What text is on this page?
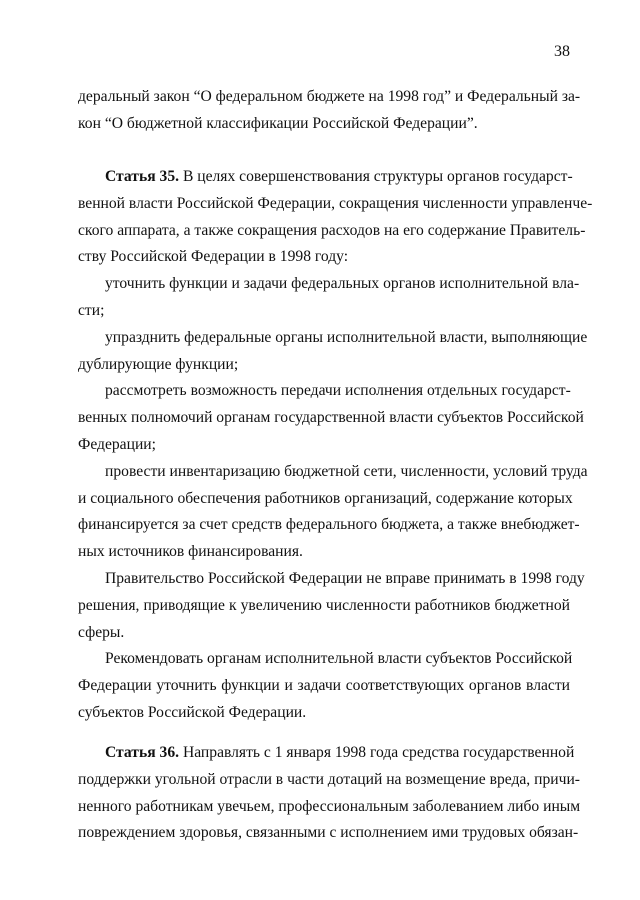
38

деральный закон “О федеральном бюджете на 1998 год” и Федеральный за-

кон “О бюджетной классификации Российской Федерации”.

Статья 35. В целях совершенствования структуры органов государст-

венной власти Российской Федерации, сокращения численности управленче-

ского аппарата, а также сокращения расходов на его содержание Правитель-

ству Российской Федерации в 1998 году:

уточнить функции и задачи федеральных органов исполнительной вла-

сти;

упразднить федеральные органы исполнительной власти, выполняющие

дублирующие функции;

рассмотреть возможность передачи исполнения отдельных государст-

венных полномочий органам государственной власти субъектов Российской

Федерации;

провести инвентаризацию бюджетной сети, численности, условий труда

и социального обеспечения работников организаций, содержание которых

финансируется за счет средств федерального бюджета, а также внебюджет-

ных источников финансирования.

Правительство Российской Федерации не вправе принимать в 1998 году

решения, приводящие к увеличению численности работников бюджетной

сферы.

Рекомендовать органам исполнительной власти субъектов Российской

Федерации уточнить функции и задачи соответствующих органов власти

субъектов Российской Федерации.

Статья 36. Направлять с 1 января 1998 года средства государственной

поддержки угольной отрасли в части дотаций на возмещение вреда, причи-

ненного работникам увечьем, профессиональным заболеванием либо иным

повреждением здоровья, связанными с исполнением ими трудовых обязан-
